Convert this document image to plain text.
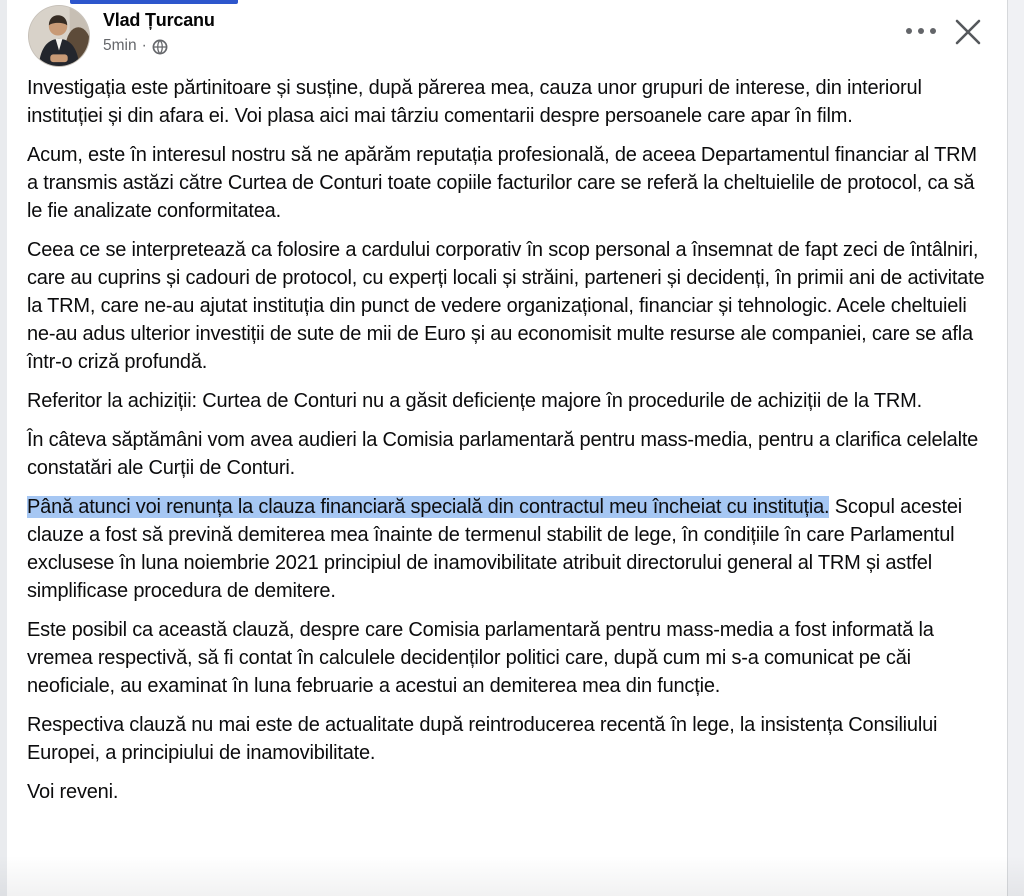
Vlad Țurcanu
5min ·

Investigația este părtinitoare și susține, după părerea mea, cauza unor grupuri de interese, din interiorul instituției și din afara ei. Voi plasa aici mai târziu comentarii despre persoanele care apar în film.

Acum, este în interesul nostru să ne apărăm reputația profesională, de aceea Departamentul financiar al TRM a transmis astăzi către Curtea de Conturi toate copiile facturilor care se referă la cheltuielile de protocol, ca să le fie analizate conformitatea.

Ceea ce se interpretează ca folosire a cardului corporativ în scop personal a însemnat de fapt zeci de întâlniri, care au cuprins și cadouri de protocol, cu experți locali și străini, parteneri și decidenți, în primii ani de activitate la TRM, care ne-au ajutat instituția din punct de vedere organizațional, financiar și tehnologic. Acele cheltuieli ne-au adus ulterior investiții de sute de mii de Euro și au economisit multe resurse ale companiei, care se afla într-o criză profundă.

Referitor la achiziții: Curtea de Conturi nu a găsit deficiențe majore în procedurile de achiziții de la TRM.

În câteva săptămâni vom avea audieri la Comisia parlamentară pentru mass-media, pentru a clarifica celelalte constatări ale Curții de Conturi.

Până atunci voi renunța la clauza financiară specială din contractul meu încheiat cu instituția. Scopul acestei clauze a fost să prevină demiterea mea înainte de termenul stabilit de lege, în condițiile în care Parlamentul exclusese în luna noiembrie 2021 principiul de inamovibilitate atribuit directorului general al TRM și astfel simplificase procedura de demitere.

Este posibil ca această clauză, despre care Comisia parlamentară pentru mass-media a fost informată la vremea respectivă, să fi contat în calculele decidenților politici care, după cum mi s-a comunicat pe căi neoficiale, au examinat în luna februarie a acestui an demiterea mea din funcție.

Respectiva clauză nu mai este de actualitate după reintroducerea recentă în lege, la insistența Consiliului Europei, a principiului de inamovibilitate.

Voi reveni.
